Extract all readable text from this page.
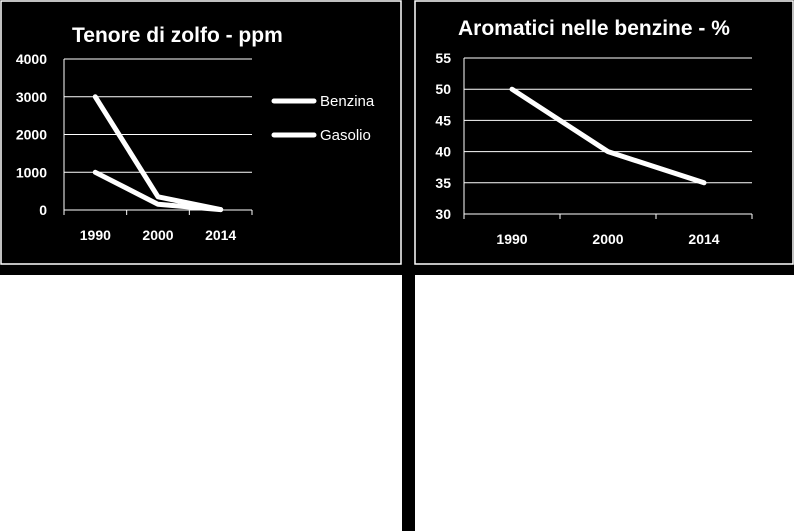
Tenore di zolfo - ppm
0
1000
2000
3000
4000
1990 2000 2014
Benzina
Gasolio
Aromatici nelle benzine - %
30
35
40
45
50
55
1990	2000	2014
